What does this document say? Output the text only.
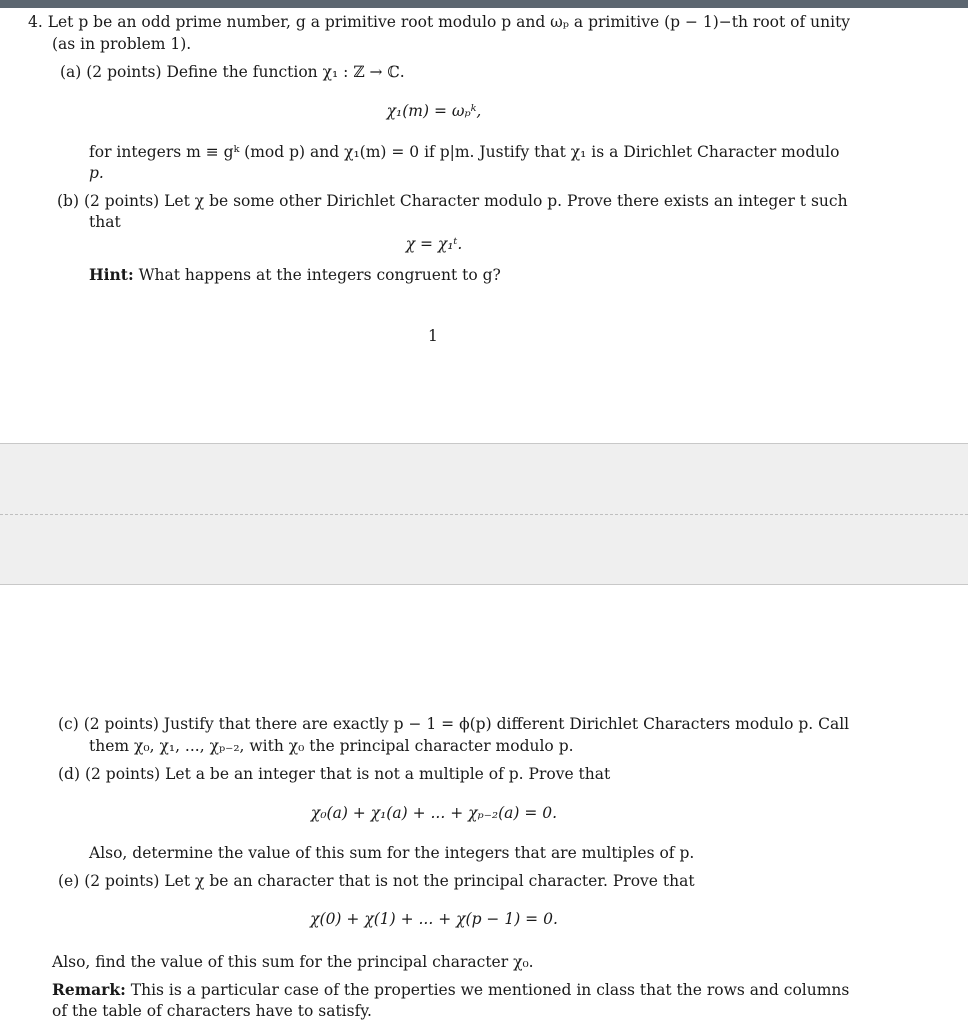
4. Let p be an odd prime number, g a primitive root modulo p and ωₚ a primitive (p − 1)−th root of unity
(as in problem 1).
(a) (2 points) Define the function χ₁ : ℤ → ℂ.
χ₁(m) = ωₚᵏ,
for integers m ≡ gᵏ (mod p) and χ₁(m) = 0 if p|m. Justify that χ₁ is a Dirichlet Character modulo
p.
(b) (2 points) Let χ be some other Dirichlet Character modulo p. Prove there exists an integer t such
that
χ = χ₁ᵗ.
Hint: What happens at the integers congruent to g?
1
(c) (2 points) Justify that there are exactly p − 1 = ϕ(p) different Dirichlet Characters modulo p. Call
them χ₀, χ₁, ..., χₚ₋₂, with χ₀ the principal character modulo p.
(d) (2 points) Let a be an integer that is not a multiple of p. Prove that
χ₀(a) + χ₁(a) + ... + χₚ₋₂(a) = 0.
Also, determine the value of this sum for the integers that are multiples of p.
(e) (2 points) Let χ be an character that is not the principal character. Prove that
χ(0) + χ(1) + ... + χ(p − 1) = 0.
Also, find the value of this sum for the principal character χ₀.
Remark: This is a particular case of the properties we mentioned in class that the rows and columns
of the table of characters have to satisfy.
